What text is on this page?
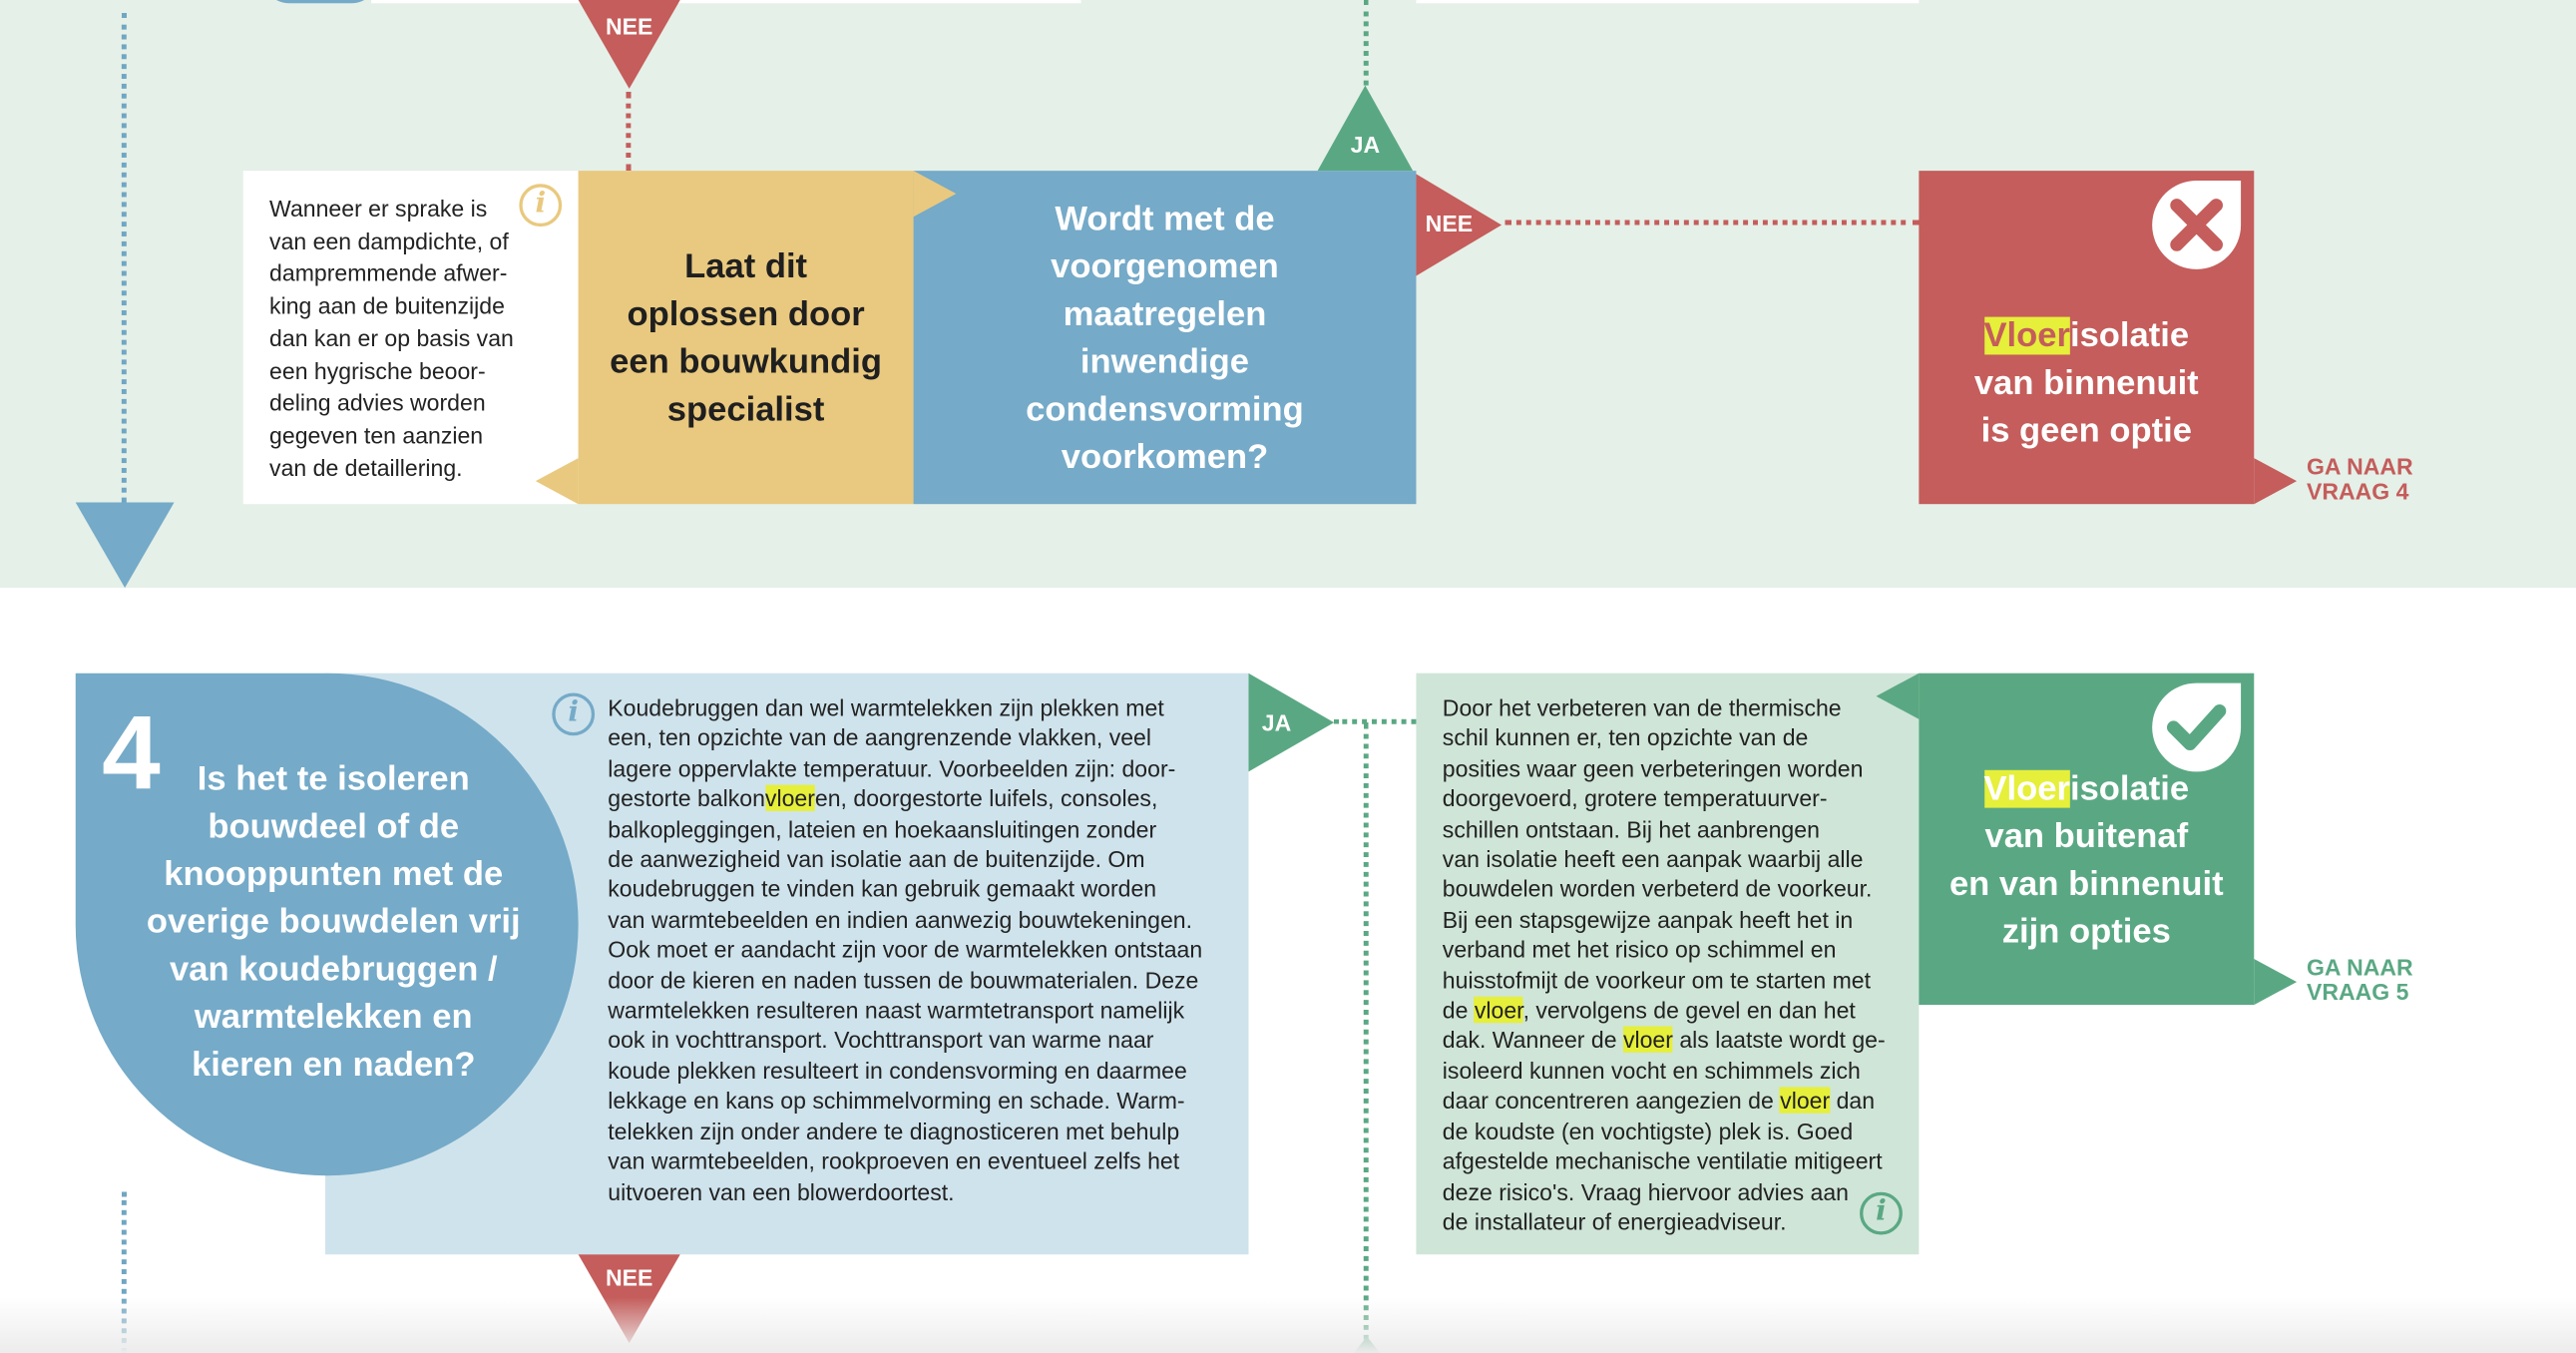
NEE
JA
Wanneer er sprake is
van een dampdichte, of
dampremmende afwer-
king aan de buitenzijde
dan kan er op basis van
een hygrische beoor-
deling advies worden
gegeven ten aanzien
van de detaillering.
i
Laat dit
oplossen door
een bouwkundig
specialist
Wordt met de
voorgenomen
maatregelen
inwendige
condensvorming
voorkomen?
NEE
Vloerisolatie
van binnenuit
is geen optie
GA NAAR
VRAAG 4
4	Is het te isoleren
bouwdeel of de
knooppunten met de
overige bouwdelen vrij
van koudebruggen /
warmtelekken en
kieren en naden?
i	Koudebruggen dan wel warmtelekken zijn plekken met
een, ten opzichte van de aangrenzende vlakken, veel
lagere oppervlakte temperatuur. Voorbeelden zijn: door-
gestorte balkonvloeren, doorgestorte luifels, consoles,
balkopleggingen, lateien en hoekaansluitingen zonder
de aanwezigheid van isolatie aan de buitenzijde. Om
koudebruggen te vinden kan gebruik gemaakt worden
van warmtebeelden en indien aanwezig bouwtekeningen.
Ook moet er aandacht zijn voor de warmtelekken ontstaan
door de kieren en naden tussen de bouwmaterialen. Deze
warmtelekken resulteren naast warmtetransport namelijk
ook in vochttransport. Vochttransport van warme naar
koude plekken resulteert in condensvorming en daarmee
lekkage en kans op schimmelvorming en schade. Warm-
telekken zijn onder andere te diagnosticeren met behulp
van warmtebeelden, rookproeven en eventueel zelfs het
uitvoeren van een blowerdoortest.
JA
NEE
Door het verbeteren van de thermische
schil kunnen er, ten opzichte van de
posities waar geen verbeteringen worden
doorgevoerd, grotere temperatuurver-
schillen ontstaan. Bij het aanbrengen
van isolatie heeft een aanpak waarbij alle
bouwdelen worden verbeterd de voorkeur.
Bij een stapsgewijze aanpak heeft het in
verband met het risico op schimmel en
huisstofmijt de voorkeur om te starten met
de vloer, vervolgens de gevel en dan het
dak. Wanneer de vloer als laatste wordt ge-
isoleerd kunnen vocht en schimmels zich
daar concentreren aangezien de vloer dan
de koudste (en vochtigste) plek is. Goed
afgestelde mechanische ventilatie mitigeert
deze risico's. Vraag hiervoor advies aan
de installateur of energieadviseur.	i
Vloerisolatie
van buitenaf
en van binnenuit
zijn opties
GA NAAR
VRAAG 5
